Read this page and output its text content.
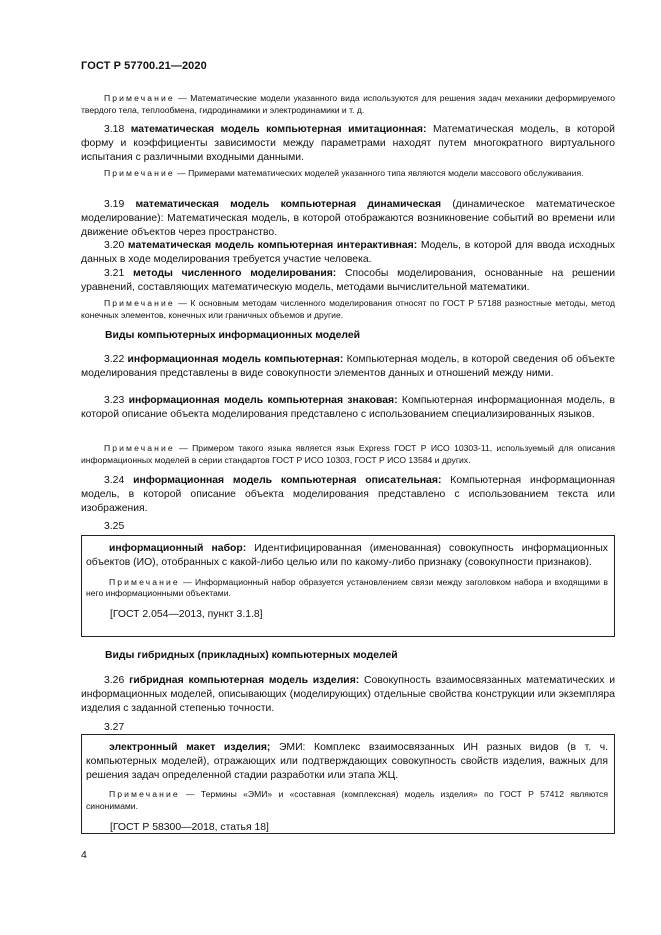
ГОСТ Р 57700.21—2020

Примечание — Математические модели указанного вида используются для решения задач механики деформируемого твердого тела, теплообмена, гидродинамики и электродинамики и т. д.

3.18 математическая модель компьютерная имитационная: Математическая модель, в которой форму и коэффициенты зависимости между параметрами находят путем многократного виртуального испытания с различными входными данными.

Примечание — Примерами математических моделей указанного типа являются модели массового обслуживания.

3.19 математическая модель компьютерная динамическая (динамическое математическое моделирование): Математическая модель, в которой отображаются возникновение событий во времени или движение объектов через пространство.

3.20 математическая модель компьютерная интерактивная: Модель, в которой для ввода исходных данных в ходе моделирования требуется участие человека.

3.21 методы численного моделирования: Способы моделирования, основанные на решении уравнений, составляющих математическую модель, методами вычислительной математики.

Примечание — К основным методам численного моделирования относят по ГОСТ Р 57188 разностные методы, метод конечных элементов, конечных или граничных объемов и другие.

Виды компьютерных информационных моделей

3.22 информационная модель компьютерная: Компьютерная модель, в которой сведения об объекте моделирования представлены в виде совокупности элементов данных и отношений между ними.

3.23 информационная модель компьютерная знаковая: Компьютерная информационная модель, в которой описание объекта моделирования представлено с использованием специализированных языков.

Примечание — Примером такого языка является язык Express ГОСТ Р ИСО 10303-11, используемый для описания информационных моделей в серии стандартов ГОСТ Р ИСО 10303, ГОСТ Р ИСО 13584 и других.

3.24 информационная модель компьютерная описательная: Компьютерная информационная модель, в которой описание объекта моделирования представлено с использованием текста или изображения.

3.25

информационный набор: Идентифицированная (именованная) совокупность информационных объектов (ИО), отобранных с какой-либо целью или по какому-либо признаку (совокупности признаков).

Примечание — Информационный набор образуется установлением связи между заголовком набора и входящими в него информационными объектами.

[ГОСТ 2.054—2013, пункт 3.1.8]

Виды гибридных (прикладных) компьютерных моделей

3.26 гибридная компьютерная модель изделия: Совокупность взаимосвязанных математических и информационных моделей, описывающих (моделирующих) отдельные свойства конструкции или экземпляра изделия с заданной степенью точности.

3.27

электронный макет изделия; ЭМИ: Комплекс взаимосвязанных ИН разных видов (в т. ч. компьютерных моделей), отражающих или подтверждающих совокупность свойств изделия, важных для решения задач определенной стадии разработки или этапа ЖЦ.

Примечание — Термины «ЭМИ» и «составная (комплексная) модель изделия» по ГОСТ Р 57412 являются синонимами.

[ГОСТ Р 58300—2018, статья 18]

4
